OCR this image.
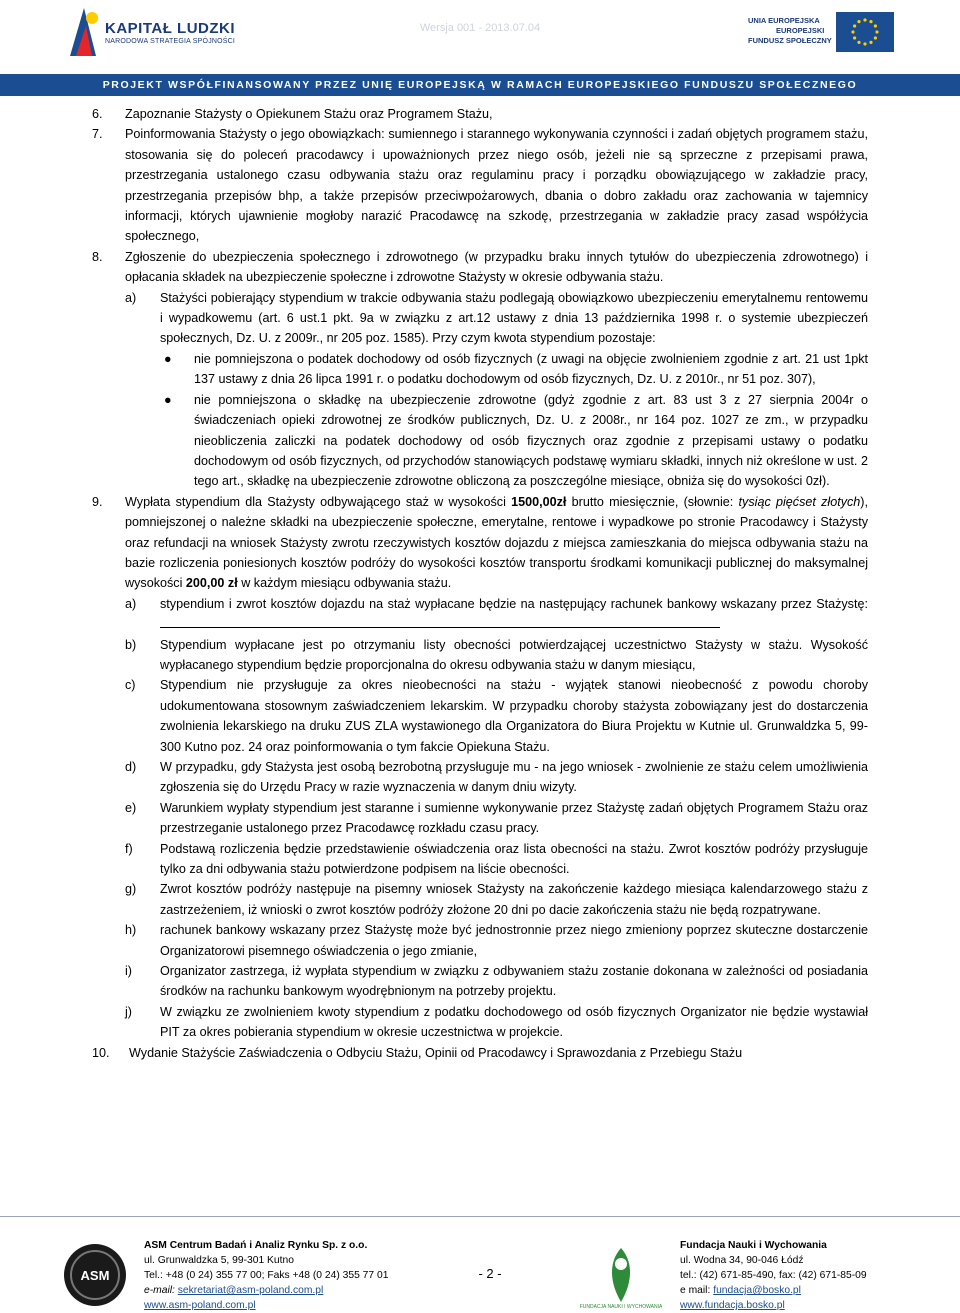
KAPITAŁ LUDZKI
NARODOWA STRATEGIA SPÓJNOŚCI
Wersja 001 - 2013.07.04
UNIA EUROPEJSKA
EUROPEJSKI
FUNDUSZ SPOŁECZNY
PROJEKT WSPÓŁFINANSOWANY PRZEZ UNIĘ EUROPEJSKĄ W RAMACH EUROPEJSKIEGO FUNDUSZU SPOŁECZNEGO
6. Zapoznanie Stażysty o Opiekunem Stażu oraz Programem Stażu,
7. Poinformowania Stażysty o jego obowiązkach: sumiennego i starannego wykonywania czynności i zadań objętych programem stażu, stosowania się do poleceń pracodawcy i upoważnionych przez niego osób, jeżeli nie są sprzeczne z przepisami prawa, przestrzegania ustalonego czasu odbywania stażu oraz regulaminu pracy i porządku obowiązującego w zakładzie pracy, przestrzegania przepisów bhp, a także przepisów przeciwpożarowych, dbania o dobro zakładu oraz zachowania w tajemnicy informacji, których ujawnienie mogłoby narazić Pracodawcę na szkodę, przestrzegania w zakładzie pracy zasad współżycia społecznego,
8. Zgłoszenie do ubezpieczenia społecznego i zdrowotnego (w przypadku braku innych tytułów do ubezpieczenia zdrowotnego) i opłacania składek na ubezpieczenie społeczne i zdrowotne Stażysty w okresie odbywania stażu.
a) Stażyści pobierający stypendium w trakcie odbywania stażu podlegają obowiązkowo ubezpieczeniu emerytalnemu rentowemu i wypadkowemu (art. 6 ust.1 pkt. 9a w związku z art.12 ustawy z dnia 13 października 1998 r. o systemie ubezpieczeń społecznych, Dz. U. z 2009r., nr 205 poz. 1585). Przy czym kwota stypendium pozostaje:
● nie pomniejszona o podatek dochodowy od osób fizycznych (z uwagi na objęcie zwolnieniem zgodnie z art. 21 ust 1pkt 137 ustawy z dnia 26 lipca 1991 r. o podatku dochodowym od osób fizycznych, Dz. U. z 2010r., nr 51 poz. 307),
● nie pomniejszona o składkę na ubezpieczenie zdrowotne (gdyż zgodnie z art. 83 ust 3 z 27 sierpnia 2004r o świadczeniach opieki zdrowotnej ze środków publicznych, Dz. U. z 2008r., nr 164 poz. 1027 ze zm., w przypadku nieobliczenia zaliczki na podatek dochodowy od osób fizycznych oraz zgodnie z przepisami ustawy o podatku dochodowym od osób fizycznych, od przychodów stanowiących podstawę wymiaru składki, innych niż określone w ust. 2 tego art., składkę na ubezpieczenie zdrowotne obliczoną za poszczególne miesiące, obniża się do wysokości 0zł).
9. Wypłata stypendium dla Stażysty odbywającego staż w wysokości 1500,00zł brutto miesięcznie, (słownie: tysiąc pięćset złotych), pomniejszonej o należne składki na ubezpieczenie społeczne, emerytalne, rentowe i wypadkowe po stronie Pracodawcy i Stażysty oraz refundacji na wniosek Stażysty zwrotu rzeczywistych kosztów dojazdu z miejsca zamieszkania do miejsca odbywania stażu na bazie rozliczenia poniesionych kosztów podróży do wysokości kosztów transportu środkami komunikacji publicznej do maksymalnej wysokości 200,00 zł w każdym miesiącu odbywania stażu.
a) stypendium i zwrot kosztów dojazdu na staż wypłacane będzie na następujący rachunek bankowy wskazany przez Stażystę:
b) Stypendium wypłacane jest po otrzymaniu listy obecności potwierdzającej uczestnictwo Stażysty w stażu. Wysokość wypłacanego stypendium będzie proporcjonalna do okresu odbywania stażu w danym miesiącu,
c) Stypendium nie przysługuje za okres nieobecności na stażu - wyjątek stanowi nieobecność z powodu choroby udokumentowana stosownym zaświadczeniem lekarskim. W przypadku choroby stażysta zobowiązany jest do dostarczenia zwolnienia lekarskiego na druku ZUS ZLA wystawionego dla Organizatora do Biura Projektu w Kutnie ul. Grunwaldzka 5, 99-300 Kutno poz. 24 oraz poinformowania o tym fakcie Opiekuna Stażu.
d) W przypadku, gdy Stażysta jest osobą bezrobotną przysługuje mu - na jego wniosek - zwolnienie ze stażu celem umożliwienia zgłoszenia się do Urzędu Pracy w razie wyznaczenia w danym dniu wizyty.
e) Warunkiem wypłaty stypendium jest staranne i sumienne wykonywanie przez Stażystę zadań objętych Programem Stażu oraz przestrzeganie ustalonego przez Pracodawcę rozkładu czasu pracy.
f) Podstawą rozliczenia będzie przedstawienie oświadczenia oraz lista obecności na stażu. Zwrot kosztów podróży przysługuje tylko za dni odbywania stażu potwierdzone podpisem na liście obecności.
g) Zwrot kosztów podróży następuje na pisemny wniosek Stażysty na zakończenie każdego miesiąca kalendarzowego stażu z zastrzeżeniem, iż wnioski o zwrot kosztów podróży złożone 20 dni po dacie zakończenia stażu nie będą rozpatrywane.
h) rachunek bankowy wskazany przez Stażystę może być jednostronnie przez niego zmieniony poprzez skuteczne dostarczenie Organizatorowi pisemnego oświadczenia o jego zmianie,
i) Organizator zastrzega, iż wypłata stypendium w związku z odbywaniem stażu zostanie dokonana w zależności od posiadania środków na rachunku bankowym wyodrębnionym na potrzeby projektu.
j) W związku ze zwolnieniem kwoty stypendium z podatku dochodowego od osób fizycznych Organizator nie będzie wystawiał PIT za okres pobierania stypendium w okresie uczestnictwa w projekcie.
10. Wydanie Stażyście Zaświadczenia o Odbyciu Stażu, Opinii od Pracodawcy i Sprawozdania z Przebiegu Stażu
ASM
ASM Centrum Badań i Analiz Rynku Sp. z o.o.
ul. Grunwaldzka 5, 99-301 Kutno
Tel.: +48 (0 24) 355 77 00; Faks +48 (0 24) 355 77 01
e-mail: sekretariat@asm-poland.com.pl
www.asm-poland.com.pl
- 2 -
FUNDACJA NAUKI I WYCHOWANIA
Fundacja Nauki i Wychowania
ul. Wodna 34, 90-046 Łódź
tel.: (42) 671-85-490, fax: (42) 671-85-09
e mail: fundacja@bosko.pl
www.fundacja.bosko.pl
